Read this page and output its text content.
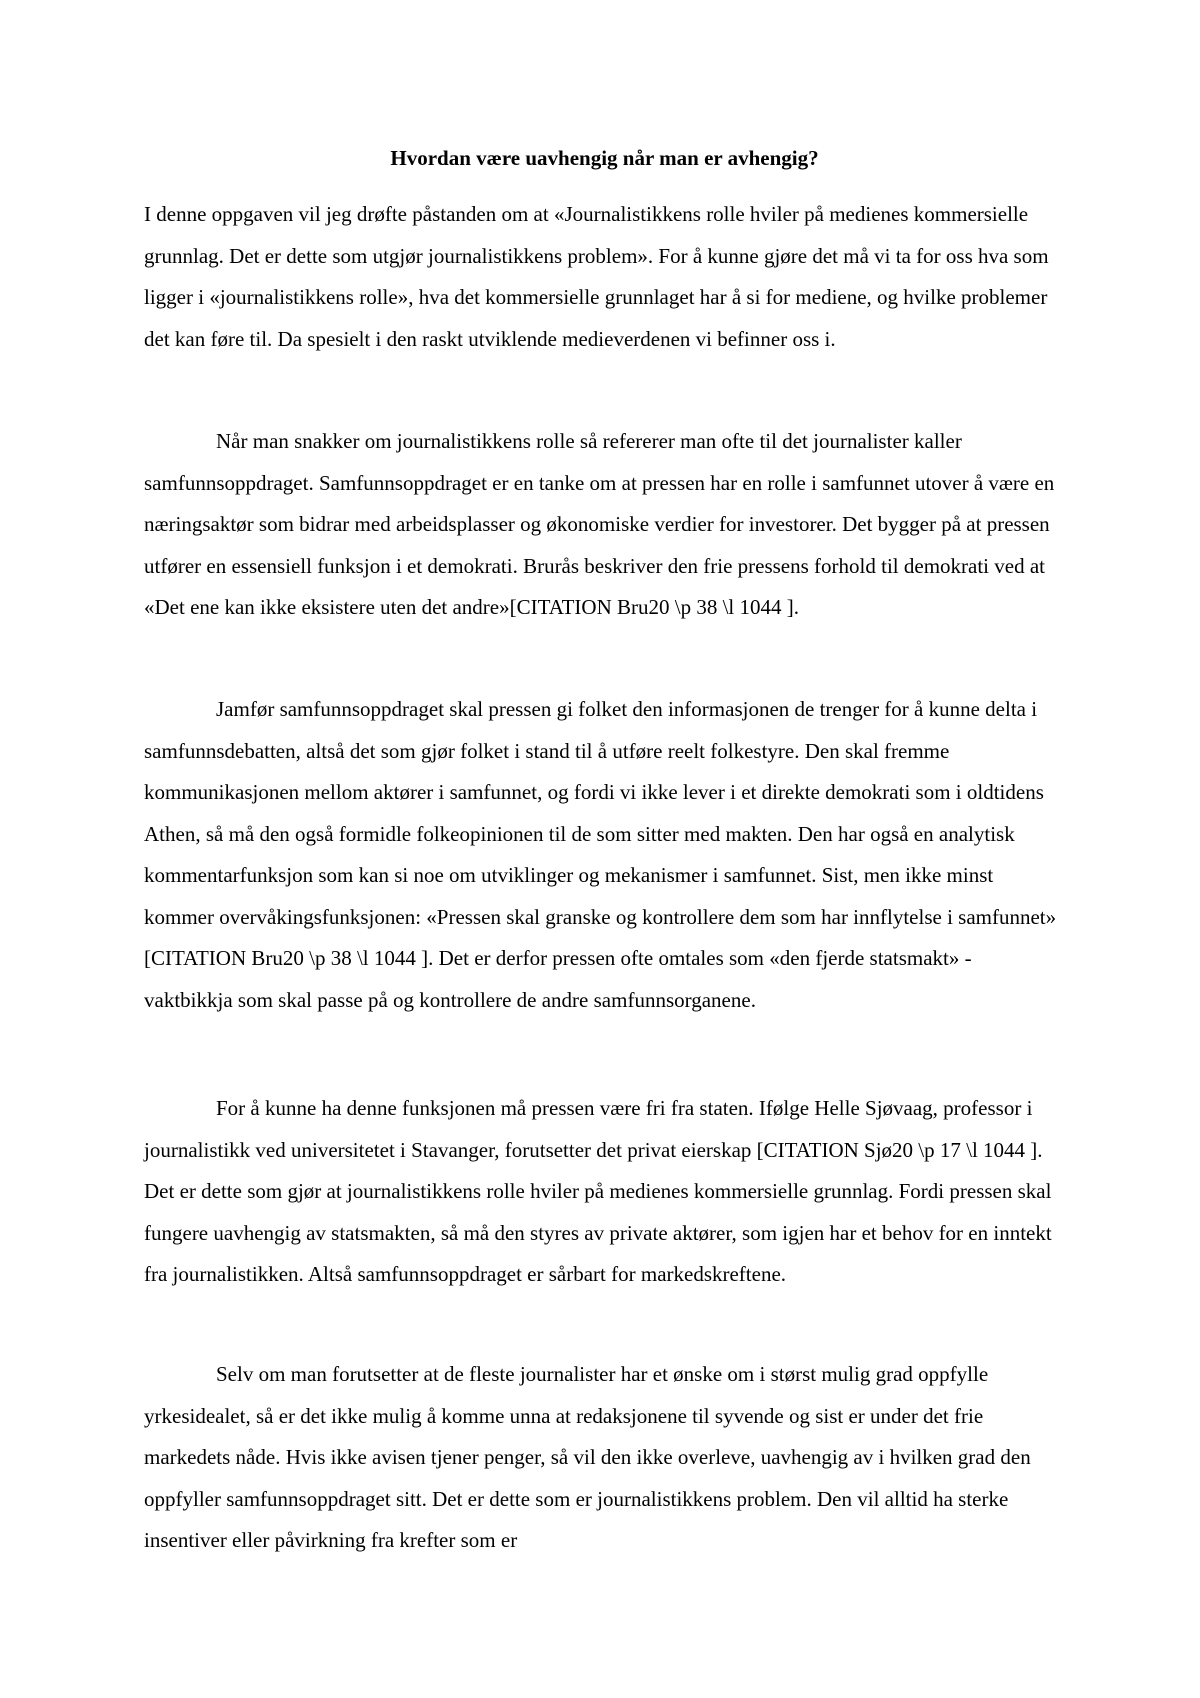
Hvordan være uavhengig når man er avhengig?

I denne oppgaven vil jeg drøfte påstanden om at «Journalistikkens rolle hviler på medienes kommersielle grunnlag. Det er dette som utgjør journalistikkens problem». For å kunne gjøre det må vi ta for oss hva som ligger i «journalistikkens rolle», hva det kommersielle grunnlaget har å si for mediene, og hvilke problemer det kan føre til. Da spesielt i den raskt utviklende medieverdenen vi befinner oss i.

Når man snakker om journalistikkens rolle så refererer man ofte til det journalister kaller samfunnsoppdraget. Samfunnsoppdraget er en tanke om at pressen har en rolle i samfunnet utover å være en næringsaktør som bidrar med arbeidsplasser og økonomiske verdier for investorer. Det bygger på at pressen utfører en essensiell funksjon i et demokrati. Brurås beskriver den frie pressens forhold til demokrati ved at «Det ene kan ikke eksistere uten det andre»[CITATION Bru20 \p 38 \l 1044 ].

Jamfør samfunnsoppdraget skal pressen gi folket den informasjonen de trenger for å kunne delta i samfunnsdebatten, altså det som gjør folket i stand til å utføre reelt folkestyre. Den skal fremme kommunikasjonen mellom aktører i samfunnet, og fordi vi ikke lever i et direkte demokrati som i oldtidens Athen, så må den også formidle folkeopinionen til de som sitter med makten. Den har også en analytisk kommentarfunksjon som kan si noe om utviklinger og mekanismer i samfunnet. Sist, men ikke minst kommer overvåkingsfunksjonen: «Pressen skal granske og kontrollere dem som har innflytelse i samfunnet» [CITATION Bru20 \p 38 \l 1044 ]. Det er derfor pressen ofte omtales som «den fjerde statsmakt» - vaktbikkja som skal passe på og kontrollere de andre samfunnsorganene.

For å kunne ha denne funksjonen må pressen være fri fra staten. Ifølge Helle Sjøvaag, professor i journalistikk ved universitetet i Stavanger, forutsetter det privat eierskap [CITATION Sjø20 \p 17 \l 1044 ]. Det er dette som gjør at journalistikkens rolle hviler på medienes kommersielle grunnlag. Fordi pressen skal fungere uavhengig av statsmakten, så må den styres av private aktører, som igjen har et behov for en inntekt fra journalistikken. Altså samfunnsoppdraget er sårbart for markedskreftene.

Selv om man forutsetter at de fleste journalister har et ønske om i størst mulig grad oppfylle yrkesidealet, så er det ikke mulig å komme unna at redaksjonene til syvende og sist er under det frie markedets nåde. Hvis ikke avisen tjener penger, så vil den ikke overleve, uavhengig av i hvilken grad den oppfyller samfunnsoppdraget sitt. Det er dette som er journalistikkens problem. Den vil alltid ha sterke insentiver eller påvirkning fra krefter som er
